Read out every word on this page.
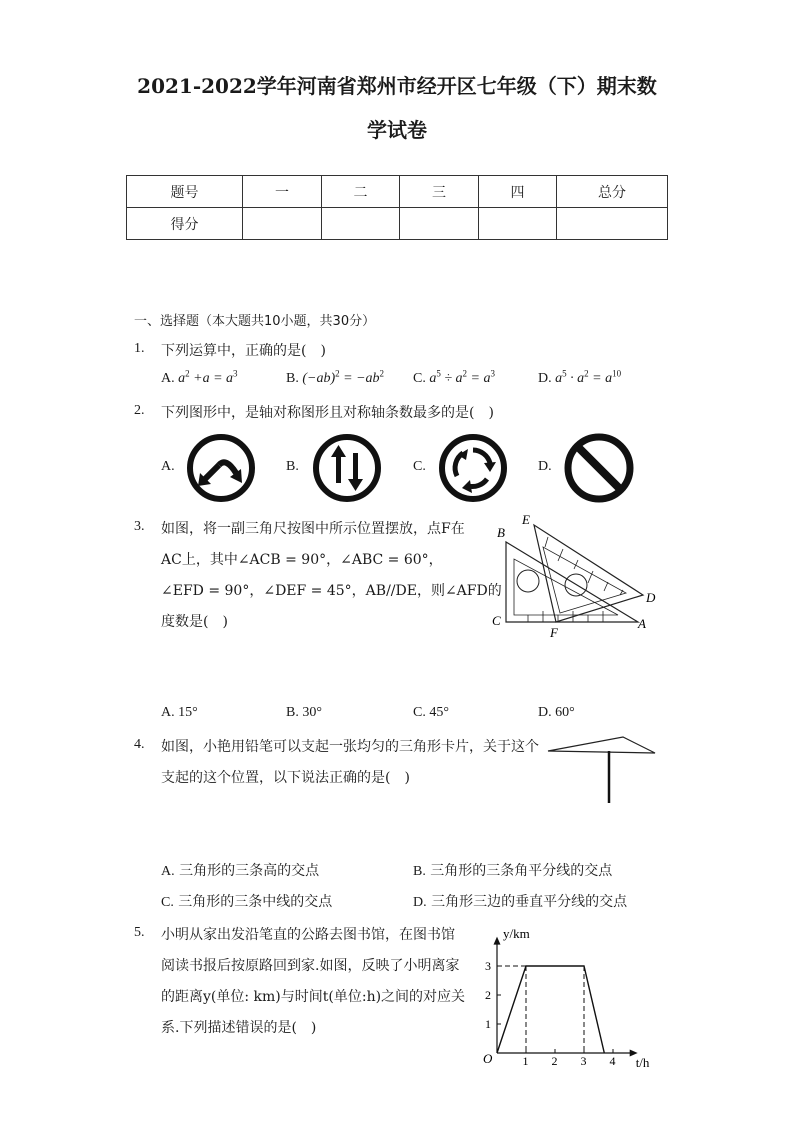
2021-2022学年河南省郑州市经开区七年级（下）期末数
学试卷
题号	一	二	三	四	总分
得分					
一、选择题（本大题共10小题，共30分）
1. 下列运算中，正确的是(　)
A. $a^2 +a = a^3$	B. $(-ab)^2 = -ab^2$ C. $a^5 \div a^2 = a^3$	D. $a^5 \cdot a^2 = a^{10}$
2. 下列图形中，是轴对称图形且对称轴条数最多的是(　)
A.	B.	C.	D.
3. 如图，将一副三角尺按图中所示位置摆放，点F在
AC上，其中∠ACB = 90°，∠ABC = 60°，
∠EFD = 90°，∠DEF = 45°，AB//DE，则∠AFD的
度数是(　)
B
E
D
C
F
A
A. 15°	B. 30°	C. 45°	D. 60°
4. 如图，小艳用铅笔可以支起一张均匀的三角形卡片，关于这个
支起的这个位置，以下说法正确的是(　)
A. 三角形的三条高的交点	B. 三角形的三条角平分线的交点
C. 三角形的三条中线的交点	D. 三角形三边的垂直平分线的交点
5. 小明从家出发沿笔直的公路去图书馆，在图书馆
阅读书报后按原路回到家.如图，反映了小明离家
的距离y(单位: km)与时间t(单位:h)之间的对应关
系.下列描述错误的是(　)
1 2 3 4
1
2
3
y/km
t/h
O
